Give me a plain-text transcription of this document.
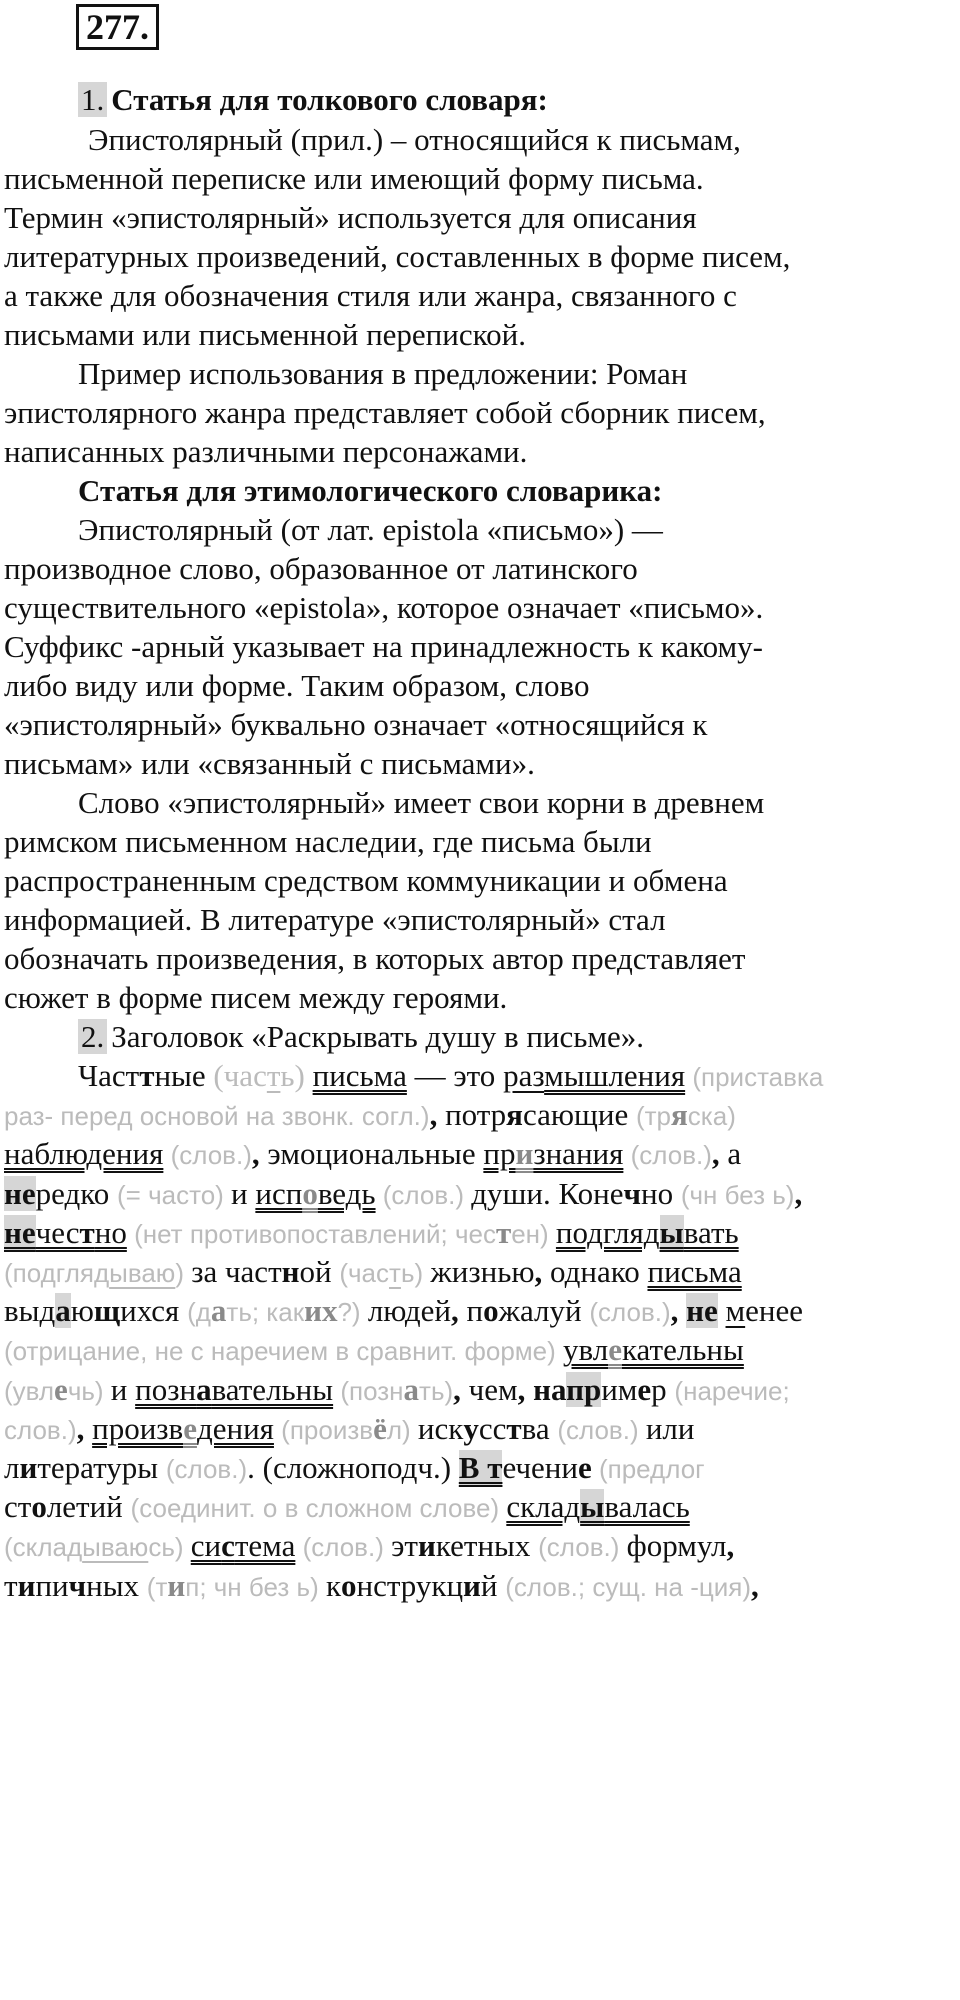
277.
1. Статья для толкового словаря:
Эпистолярный (прил.) – относящийся к письмам,
письменной переписке или имеющий форму письма.
Термин «эпистолярный» используется для описания
литературных произведений, составленных в форме писем,
а также для обозначения стиля или жанра, связанного с
письмами или письменной перепиской.
Пример использования в предложении: Роман
эпистолярного жанра представляет собой сборник писем,
написанных различными персонажами.
Статья для этимологического словарика:
Эпистолярный (от лат. epistola «письмо») —
производное слово, образованное от латинского
существительного «epistola», которое означает «письмо».
Суффикс -арный указывает на принадлежность к какому-
либо виду или форме. Таким образом, слово
«эпистолярный» буквально означает «относящийся к
письмам» или «связанный с письмами».
Слово «эпистолярный» имеет свои корни в древнем
римском письменном наследии, где письма были
распространенным средством коммуникации и обмена
информацией. В литературе «эпистолярный» стал
обозначать произведения, в которых автор представляет
сюжет в форме писем между героями.
2. Заголовок «Раскрывать душу в письме».
Часттные (часть) письма — это размышления (приставка
раз- перед основой на звонк. согл.), потрясающие (тряска)
наблюдения (слов.), эмоциональные признания (слов.), а
нередко (= часто) и исповедь (слов.) души. Конечно (чн без ь),
нечестно (нет противопоставлений; честен) подглядывать
(подглядываю) за частной (часть) жизнью, однако письма
выдающихся (дать; каких?) людей, пожалуй (слов.), не менее
(отрицание, не с наречием в сравнит. форме) увлекательны
(увлечь) и познавательны (познать), чем, например (наречие;
слов.), произведения (произвёл) искусства (слов.) или
литературы (слов.). (сложноподч.) В течение (предлог
столетий (соединит. о в сложном слове) складывалась
(складываюсь) система (слов.) этикетных (слов.) формул,
типичных (тип; чн без ь) конструкций (слов.; сущ. на -ция),
